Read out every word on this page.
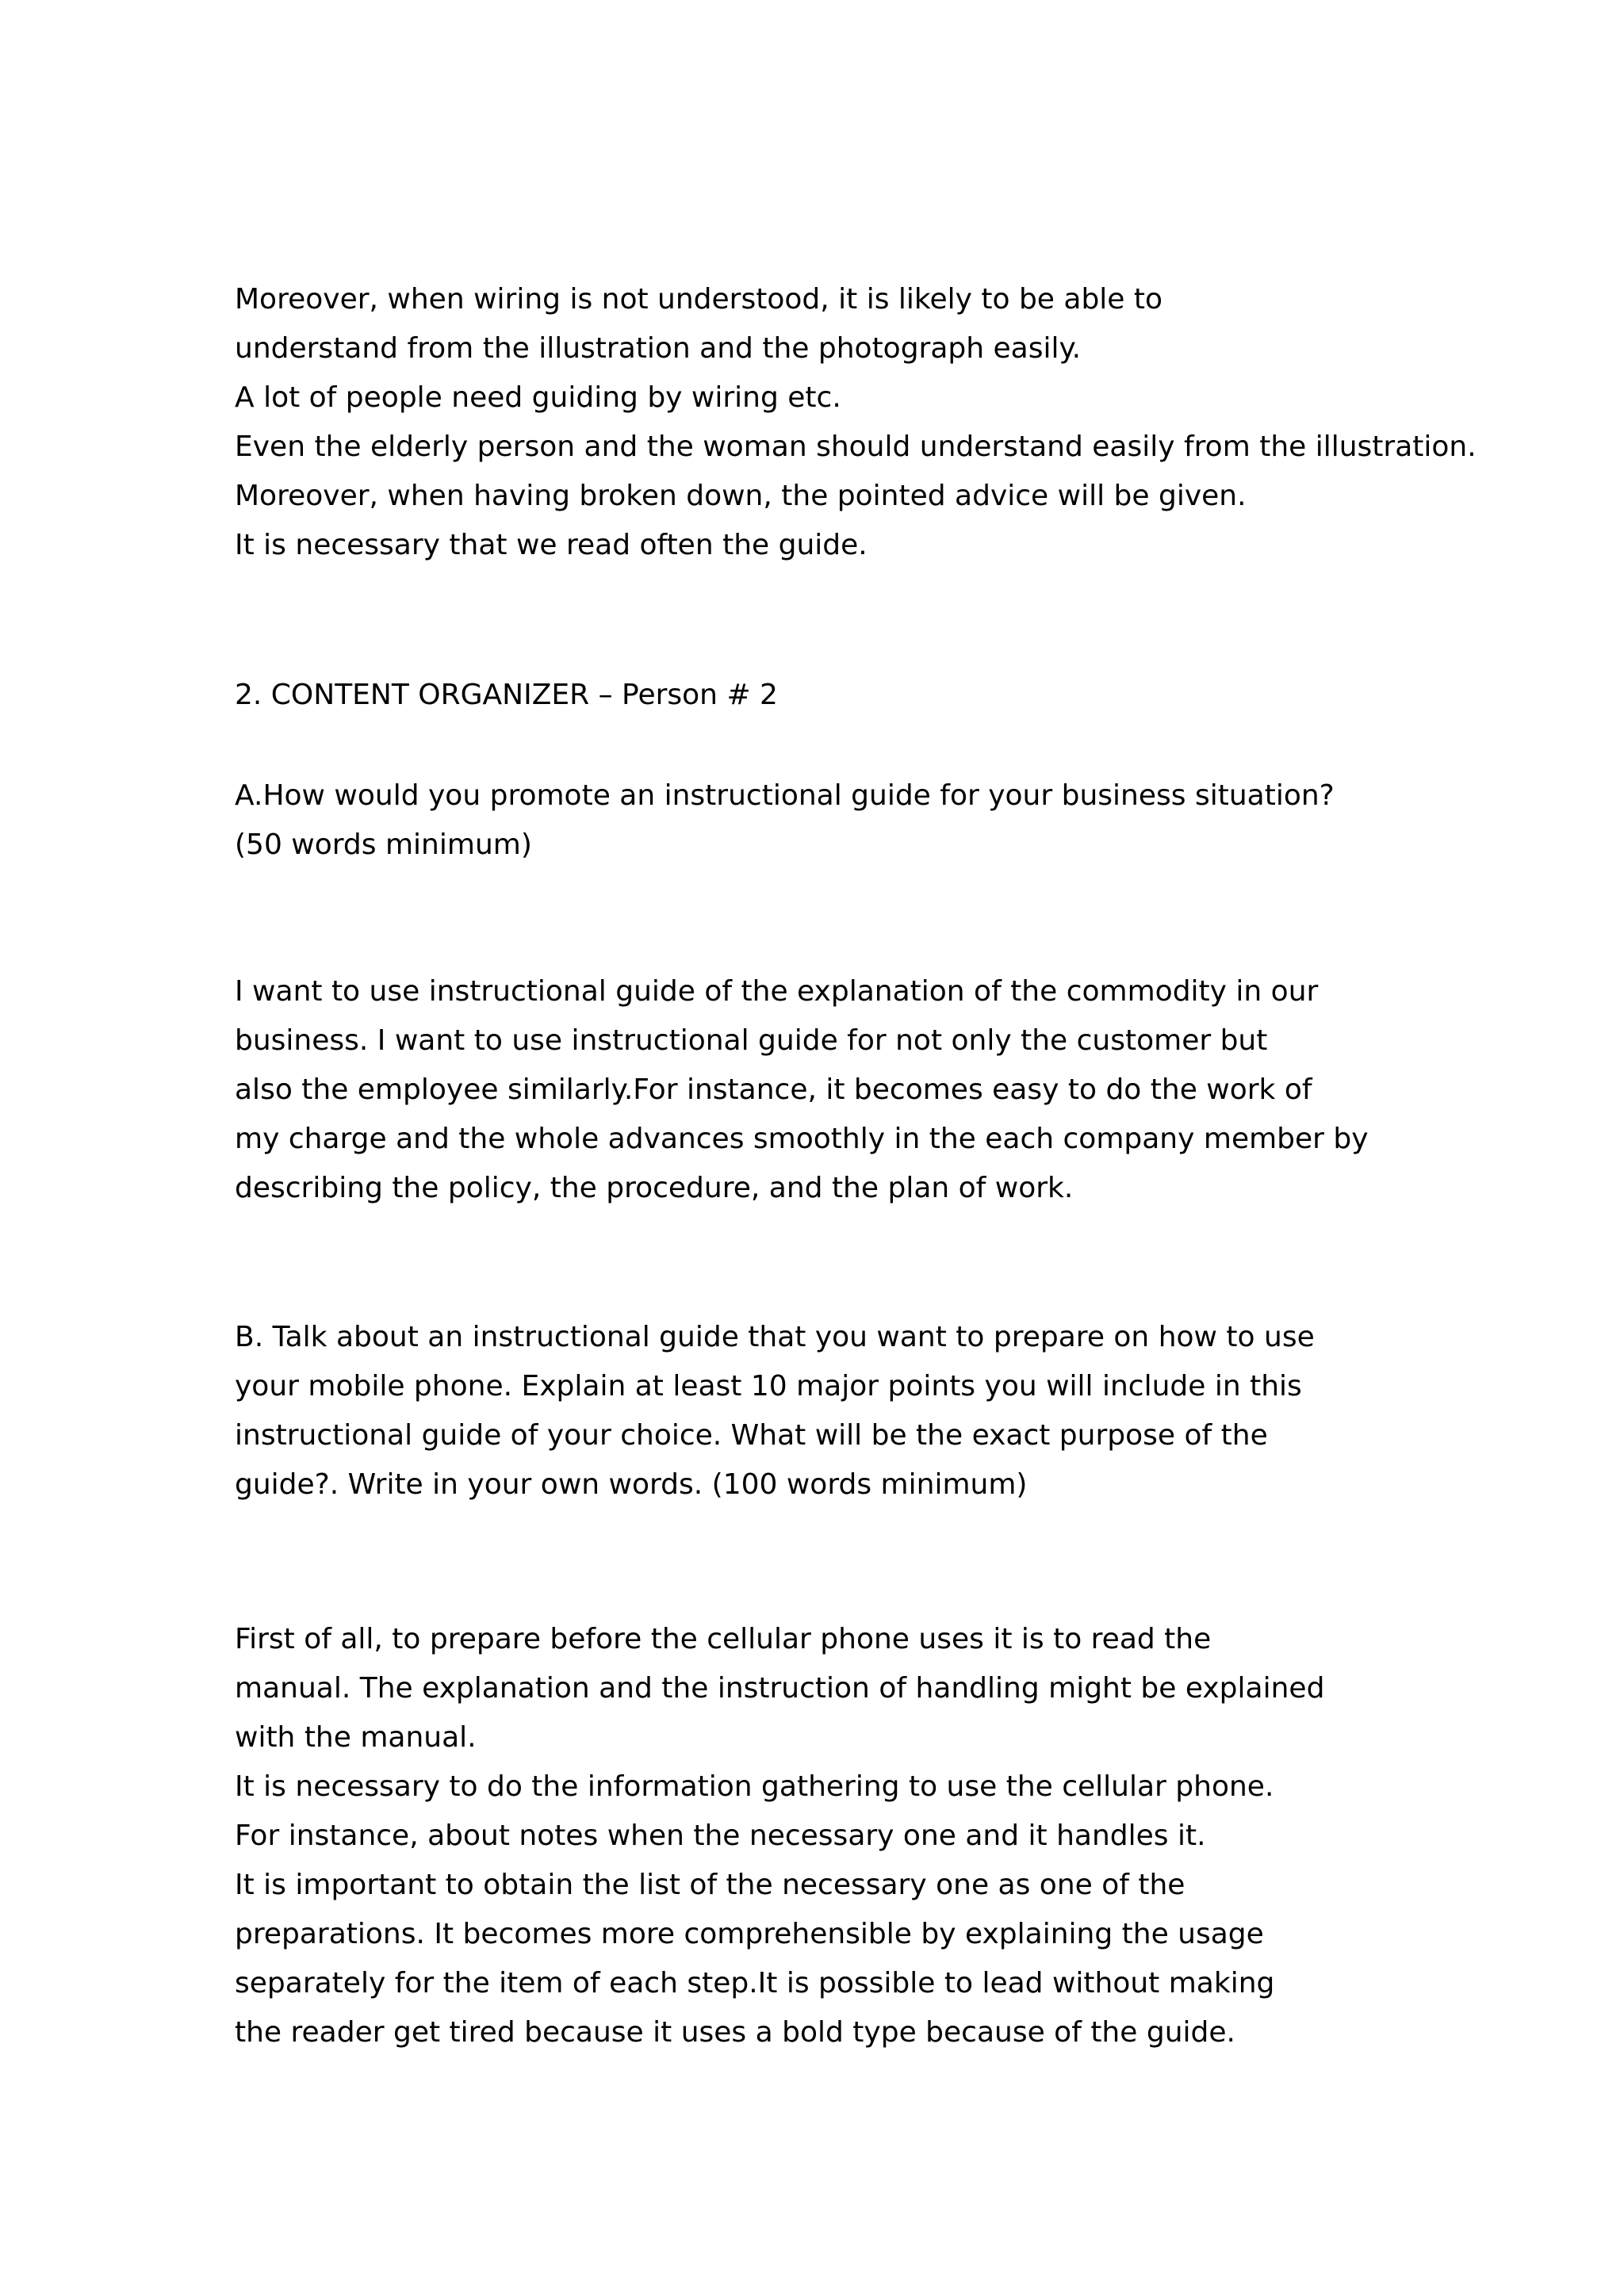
Moreover, when wiring is not understood, it is likely to be able to
understand from the illustration and the photograph easily.
A lot of people need guiding by wiring etc.
Even the elderly person and the woman should understand easily from the illustration.
Moreover, when having broken down, the pointed advice will be given.
It is necessary that we read often the guide.

2. CONTENT ORGANIZER – Person # 2

A.How would you promote an instructional guide for your business situation?
(50 words minimum)

I want to use instructional guide of the explanation of the commodity in our
business. I want to use instructional guide for not only the customer but
also the employee similarly.For instance, it becomes easy to do the work of
my charge and the whole advances smoothly in the each company member by
describing the policy, the procedure, and the plan of work.

B. Talk about an instructional guide that you want to prepare on how to use
your mobile phone. Explain at least 10 major points you will include in this
instructional guide of your choice. What will be the exact purpose of the
guide?. Write in your own words. (100 words minimum)

First of all, to prepare before the cellular phone uses it is to read the
manual. The explanation and the instruction of handling might be explained
with the manual.
It is necessary to do the information gathering to use the cellular phone.
For instance, about notes when the necessary one and it handles it.
It is important to obtain the list of the necessary one as one of the
preparations. It becomes more comprehensible by explaining the usage
separately for the item of each step.It is possible to lead without making
the reader get tired because it uses a bold type because of the guide.
